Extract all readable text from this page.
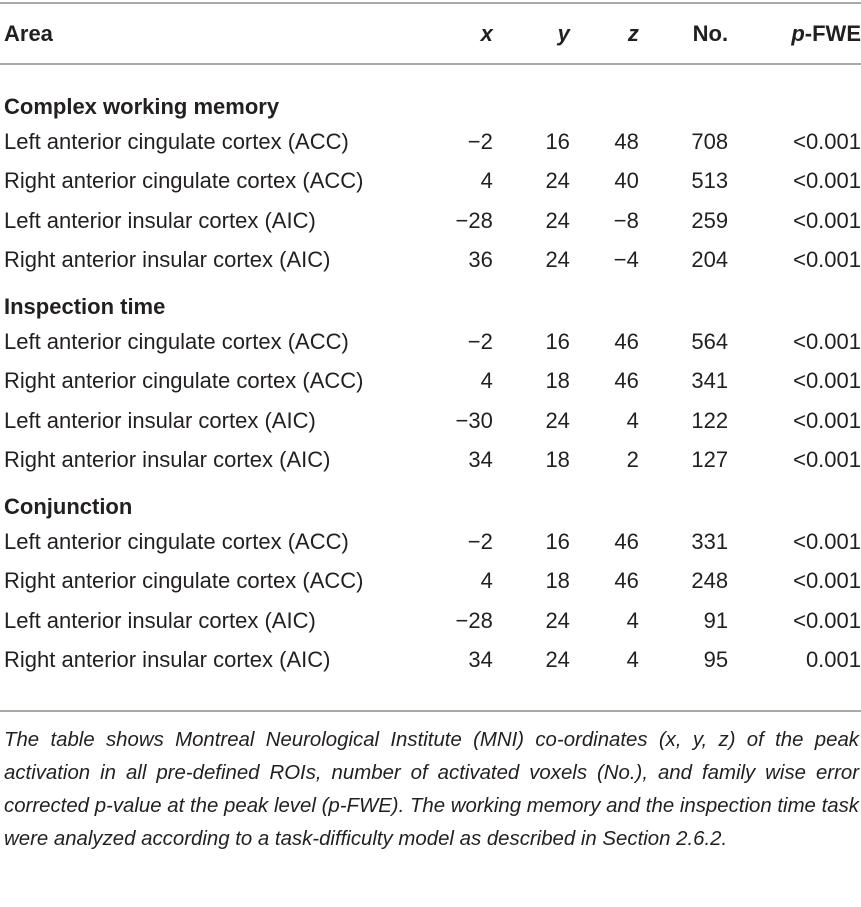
Area	x	y	z	No.	p-FWE
Complex working memory					
Left anterior cingulate cortex (ACC)	−2	16	48	708	<0.001
Right anterior cingulate cortex (ACC)	4	24	40	513	<0.001
Left anterior insular cortex (AIC)	−28	24	−8	259	<0.001
Right anterior insular cortex (AIC)	36	24	−4	204	<0.001
Inspection time					
Left anterior cingulate cortex (ACC)	−2	16	46	564	<0.001
Right anterior cingulate cortex (ACC)	4	18	46	341	<0.001
Left anterior insular cortex (AIC)	−30	24	4	122	<0.001
Right anterior insular cortex (AIC)	34	18	2	127	<0.001
Conjunction					
Left anterior cingulate cortex (ACC)	−2	16	46	331	<0.001
Right anterior cingulate cortex (ACC)	4	18	46	248	<0.001
Left anterior insular cortex (AIC)	−28	24	4	91	<0.001
Right anterior insular cortex (AIC)	34	24	4	95	0.001

The table shows Montreal Neurological Institute (MNI) co-ordinates (x, y, z) of the peak activation in all pre-defined ROIs, number of activated voxels (No.), and family wise error corrected p-value at the peak level (p-FWE). The working memory and the inspection time task were analyzed according to a task-difficulty model as described in Section 2.6.2.
